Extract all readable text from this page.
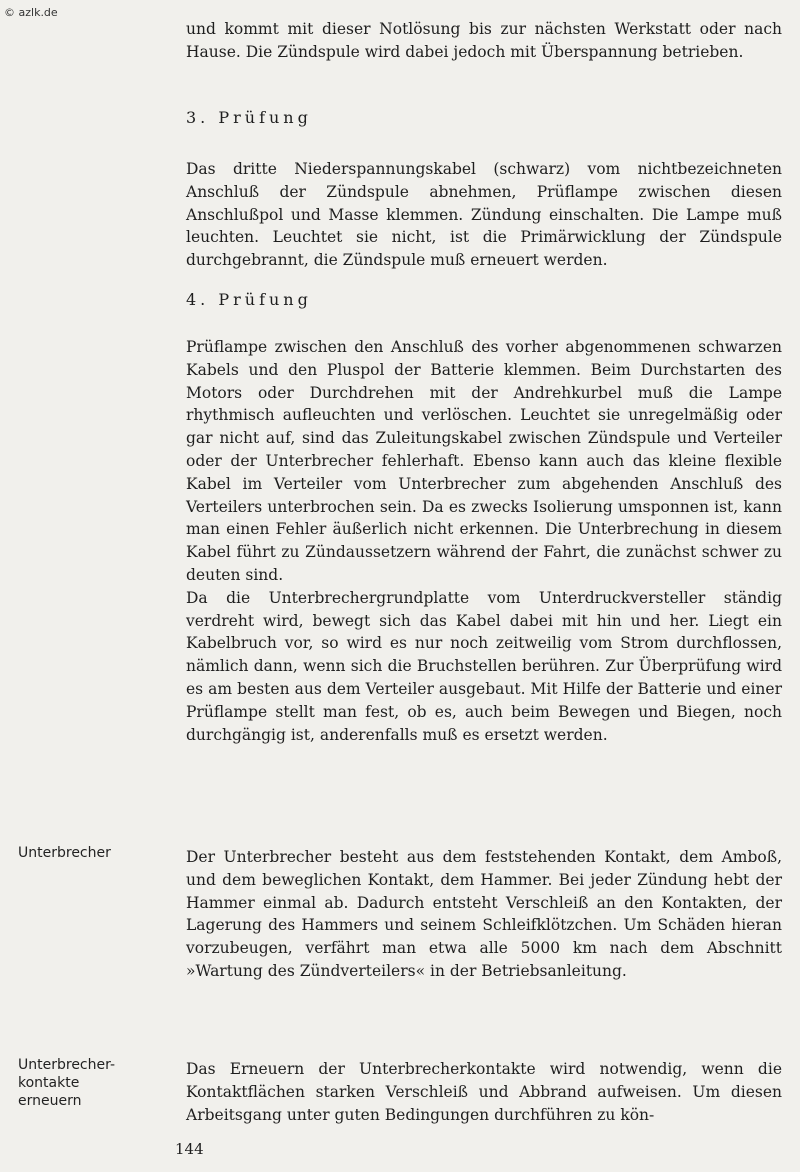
© azlk.de

und kommt mit dieser Notlösung bis zur nächsten Werkstatt oder nach Hause. Die Zündspule wird dabei jedoch mit Überspannung betrieben.

3. Prüfung

Das dritte Niederspannungskabel (schwarz) vom nichtbezeichneten Anschluß der Zündspule abnehmen, Prüflampe zwischen diesen Anschlußpol und Masse klemmen. Zündung einschalten. Die Lampe muß leuchten. Leuchtet sie nicht, ist die Primärwicklung der Zündspule durchgebrannt, die Zündspule muß erneuert werden.

4. Prüfung

Prüflampe zwischen den Anschluß des vorher abgenommenen schwarzen Kabels und den Pluspol der Batterie klemmen. Beim Durchstarten des Motors oder Durchdrehen mit der Andrehkurbel muß die Lampe rhythmisch aufleuchten und verlöschen. Leuchtet sie unregelmäßig oder gar nicht auf, sind das Zuleitungskabel zwischen Zündspule und Verteiler oder der Unterbrecher fehlerhaft. Ebenso kann auch das kleine flexible Kabel im Verteiler vom Unterbrecher zum abgehenden Anschluß des Verteilers unterbrochen sein. Da es zwecks Isolierung umsponnen ist, kann man einen Fehler äußerlich nicht erkennen. Die Unterbrechung in diesem Kabel führt zu Zündaussetzern während der Fahrt, die zunächst schwer zu deuten sind.

Da die Unterbrechergrundplatte vom Unterdruckversteller ständig verdreht wird, bewegt sich das Kabel dabei mit hin und her. Liegt ein Kabelbruch vor, so wird es nur noch zeitweilig vom Strom durchflossen, nämlich dann, wenn sich die Bruchstellen berühren. Zur Überprüfung wird es am besten aus dem Verteiler ausgebaut. Mit Hilfe der Batterie und einer Prüflampe stellt man fest, ob es, auch beim Bewegen und Biegen, noch durchgängig ist, anderenfalls muß es ersetzt werden.

Unterbrecher	Der Unterbrecher besteht aus dem feststehenden Kontakt, dem Amboß, und dem beweglichen Kontakt, dem Hammer. Bei jeder Zündung hebt der Hammer einmal ab. Dadurch entsteht Verschleiß an den Kontakten, der Lagerung des Hammers und seinem Schleifklötzchen. Um Schäden hieran vorzubeugen, verfährt man etwa alle 5000 km nach dem Abschnitt »Wartung des Zündverteilers« in der Betriebsanleitung.

Unterbrecher-
kontakte
erneuern

Das Erneuern der Unterbrecherkontakte wird notwendig, wenn die Kontaktflächen starken Verschleiß und Abbrand aufweisen. Um diesen Arbeitsgang unter guten Bedingungen durchführen zu kön-

144
